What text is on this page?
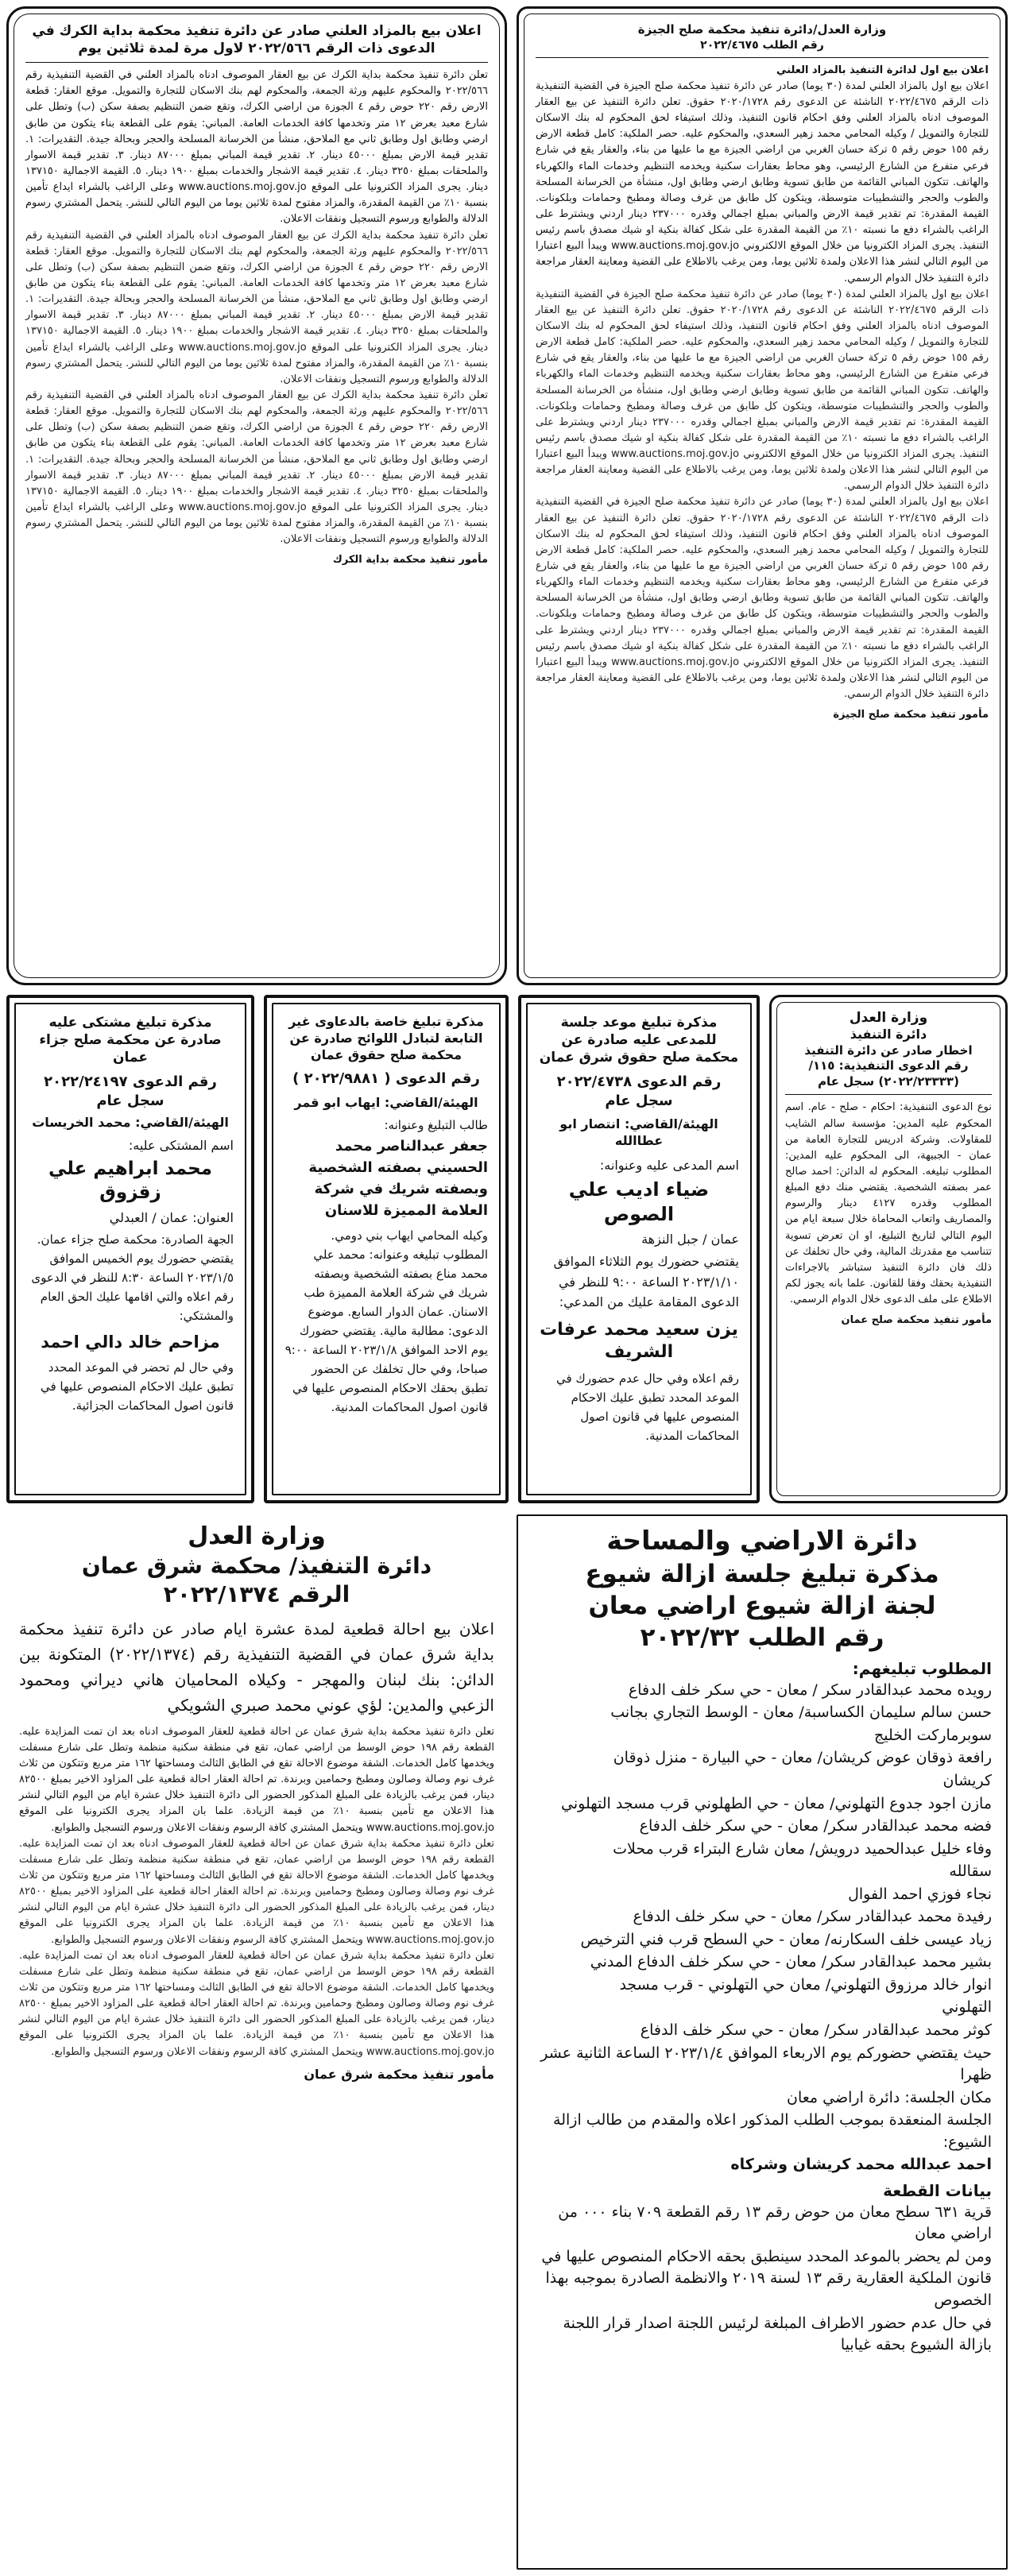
وزارة العدل/دائرة تنفيذ محكمة صلح الجيزة
رقم الطلب ٢٠٢٢/٤٦٧٥
اعلان بيع اول لدائرة التنفيذ بالمزاد العلني
اعلان بيع اول بالمزاد العلني لمدة (٣٠ يوما) صادر عن دائرة تنفيذ محكمة صلح الجيزة في القضية التنفيذية ذات الرقم ٢٠٢٢/٤٦٧٥ الناشئة عن الدعوى رقم ٢٠٢٠/١٧٢٨ حقوق. تعلن دائرة التنفيذ عن بيع العقار الموصوف ادناه بالمزاد العلني وفق احكام قانون التنفيذ، وذلك استيفاء لحق المحكوم له بنك الاسكان للتجارة والتمويل / وكيله المحامي محمد زهير السعدي، والمحكوم عليه. حصر الملكية: كامل قطعة الارض رقم ١٥٥ حوض رقم ٥ تركة حسان الغربي من اراضي الجيزة مع ما عليها من بناء، والعقار يقع في شارع فرعي متفرع من الشارع الرئيسي، وهو محاط بعقارات سكنية ويخدمه التنظيم وخدمات الماء والكهرباء والهاتف. تتكون المباني القائمة من طابق تسوية وطابق ارضي وطابق اول، منشأة من الخرسانة المسلحة والطوب والحجر والتشطيبات متوسطة، ويتكون كل طابق من غرف وصالة ومطبخ وحمامات وبلكونات. القيمة المقدرة: تم تقدير قيمة الارض والمباني بمبلغ اجمالي وقدره ٢٣٧٠٠٠ دينار اردني ويشترط على الراغب بالشراء دفع ما نسبته ١٠٪ من القيمة المقدرة على شكل كفالة بنكية او شيك مصدق باسم رئيس التنفيذ. يجرى المزاد الكترونيا من خلال الموقع الالكتروني www.auctions.moj.gov.jo ويبدأ البيع اعتبارا من اليوم التالي لنشر هذا الاعلان ولمدة ثلاثين يوما، ومن يرغب بالاطلاع على القضية ومعاينة العقار مراجعة دائرة التنفيذ خلال الدوام الرسمي.
اعلان بيع اول بالمزاد العلني لمدة (٣٠ يوما) صادر عن دائرة تنفيذ محكمة صلح الجيزة في القضية التنفيذية ذات الرقم ٢٠٢٢/٤٦٧٥ الناشئة عن الدعوى رقم ٢٠٢٠/١٧٢٨ حقوق. تعلن دائرة التنفيذ عن بيع العقار الموصوف ادناه بالمزاد العلني وفق احكام قانون التنفيذ، وذلك استيفاء لحق المحكوم له بنك الاسكان للتجارة والتمويل / وكيله المحامي محمد زهير السعدي، والمحكوم عليه. حصر الملكية: كامل قطعة الارض رقم ١٥٥ حوض رقم ٥ تركة حسان الغربي من اراضي الجيزة مع ما عليها من بناء، والعقار يقع في شارع فرعي متفرع من الشارع الرئيسي، وهو محاط بعقارات سكنية ويخدمه التنظيم وخدمات الماء والكهرباء والهاتف. تتكون المباني القائمة من طابق تسوية وطابق ارضي وطابق اول، منشأة من الخرسانة المسلحة والطوب والحجر والتشطيبات متوسطة، ويتكون كل طابق من غرف وصالة ومطبخ وحمامات وبلكونات. القيمة المقدرة: تم تقدير قيمة الارض والمباني بمبلغ اجمالي وقدره ٢٣٧٠٠٠ دينار اردني ويشترط على الراغب بالشراء دفع ما نسبته ١٠٪ من القيمة المقدرة على شكل كفالة بنكية او شيك مصدق باسم رئيس التنفيذ. يجرى المزاد الكترونيا من خلال الموقع الالكتروني www.auctions.moj.gov.jo ويبدأ البيع اعتبارا من اليوم التالي لنشر هذا الاعلان ولمدة ثلاثين يوما، ومن يرغب بالاطلاع على القضية ومعاينة العقار مراجعة دائرة التنفيذ خلال الدوام الرسمي.
اعلان بيع اول بالمزاد العلني لمدة (٣٠ يوما) صادر عن دائرة تنفيذ محكمة صلح الجيزة في القضية التنفيذية ذات الرقم ٢٠٢٢/٤٦٧٥ الناشئة عن الدعوى رقم ٢٠٢٠/١٧٢٨ حقوق. تعلن دائرة التنفيذ عن بيع العقار الموصوف ادناه بالمزاد العلني وفق احكام قانون التنفيذ، وذلك استيفاء لحق المحكوم له بنك الاسكان للتجارة والتمويل / وكيله المحامي محمد زهير السعدي، والمحكوم عليه. حصر الملكية: كامل قطعة الارض رقم ١٥٥ حوض رقم ٥ تركة حسان الغربي من اراضي الجيزة مع ما عليها من بناء، والعقار يقع في شارع فرعي متفرع من الشارع الرئيسي، وهو محاط بعقارات سكنية ويخدمه التنظيم وخدمات الماء والكهرباء والهاتف. تتكون المباني القائمة من طابق تسوية وطابق ارضي وطابق اول، منشأة من الخرسانة المسلحة والطوب والحجر والتشطيبات متوسطة، ويتكون كل طابق من غرف وصالة ومطبخ وحمامات وبلكونات. القيمة المقدرة: تم تقدير قيمة الارض والمباني بمبلغ اجمالي وقدره ٢٣٧٠٠٠ دينار اردني ويشترط على الراغب بالشراء دفع ما نسبته ١٠٪ من القيمة المقدرة على شكل كفالة بنكية او شيك مصدق باسم رئيس التنفيذ. يجرى المزاد الكترونيا من خلال الموقع الالكتروني www.auctions.moj.gov.jo ويبدأ البيع اعتبارا من اليوم التالي لنشر هذا الاعلان ولمدة ثلاثين يوما، ومن يرغب بالاطلاع على القضية ومعاينة العقار مراجعة دائرة التنفيذ خلال الدوام الرسمي.
مأمور تنفيذ محكمة صلح الجيزة
اعلان بيع بالمزاد العلني صادر عن دائرة تنفيذ محكمة بداية الكرك في الدعوى ذات الرقم ٢٠٢٢/٥٦٦ لاول مرة لمدة ثلاثين يوم
تعلن دائرة تنفيذ محكمة بداية الكرك عن بيع العقار الموصوف ادناه بالمزاد العلني في القضية التنفيذية رقم ٢٠٢٢/٥٦٦ والمحكوم عليهم ورثة الجمعة، والمحكوم لهم بنك الاسكان للتجارة والتمويل. موقع العقار: قطعة الارض رقم ٢٢٠ حوض رقم ٤ الجوزة من اراضي الكرك، وتقع ضمن التنظيم بصفة سكن (ب) وتطل على شارع معبد بعرض ١٢ متر وتخدمها كافة الخدمات العامة. المباني: يقوم على القطعة بناء يتكون من طابق ارضي وطابق اول وطابق ثاني مع الملاحق، منشأ من الخرسانة المسلحة والحجر وبحالة جيدة. التقديرات: ١. تقدير قيمة الارض بمبلغ ٤٥٠٠٠ دينار. ٢. تقدير قيمة المباني بمبلغ ٨٧٠٠٠ دينار. ٣. تقدير قيمة الاسوار والملحقات بمبلغ ٣٢٥٠ دينار. ٤. تقدير قيمة الاشجار والخدمات بمبلغ ١٩٠٠ دينار. ٥. القيمة الاجمالية ١٣٧١٥٠ دينار. يجرى المزاد الكترونيا على الموقع www.auctions.moj.gov.jo وعلى الراغب بالشراء ايداع تأمين بنسبة ١٠٪ من القيمة المقدرة، والمزاد مفتوح لمدة ثلاثين يوما من اليوم التالي للنشر. يتحمل المشتري رسوم الدلالة والطوابع ورسوم التسجيل ونفقات الاعلان.
تعلن دائرة تنفيذ محكمة بداية الكرك عن بيع العقار الموصوف ادناه بالمزاد العلني في القضية التنفيذية رقم ٢٠٢٢/٥٦٦ والمحكوم عليهم ورثة الجمعة، والمحكوم لهم بنك الاسكان للتجارة والتمويل. موقع العقار: قطعة الارض رقم ٢٢٠ حوض رقم ٤ الجوزة من اراضي الكرك، وتقع ضمن التنظيم بصفة سكن (ب) وتطل على شارع معبد بعرض ١٢ متر وتخدمها كافة الخدمات العامة. المباني: يقوم على القطعة بناء يتكون من طابق ارضي وطابق اول وطابق ثاني مع الملاحق، منشأ من الخرسانة المسلحة والحجر وبحالة جيدة. التقديرات: ١. تقدير قيمة الارض بمبلغ ٤٥٠٠٠ دينار. ٢. تقدير قيمة المباني بمبلغ ٨٧٠٠٠ دينار. ٣. تقدير قيمة الاسوار والملحقات بمبلغ ٣٢٥٠ دينار. ٤. تقدير قيمة الاشجار والخدمات بمبلغ ١٩٠٠ دينار. ٥. القيمة الاجمالية ١٣٧١٥٠ دينار. يجرى المزاد الكترونيا على الموقع www.auctions.moj.gov.jo وعلى الراغب بالشراء ايداع تأمين بنسبة ١٠٪ من القيمة المقدرة، والمزاد مفتوح لمدة ثلاثين يوما من اليوم التالي للنشر. يتحمل المشتري رسوم الدلالة والطوابع ورسوم التسجيل ونفقات الاعلان.
تعلن دائرة تنفيذ محكمة بداية الكرك عن بيع العقار الموصوف ادناه بالمزاد العلني في القضية التنفيذية رقم ٢٠٢٢/٥٦٦ والمحكوم عليهم ورثة الجمعة، والمحكوم لهم بنك الاسكان للتجارة والتمويل. موقع العقار: قطعة الارض رقم ٢٢٠ حوض رقم ٤ الجوزة من اراضي الكرك، وتقع ضمن التنظيم بصفة سكن (ب) وتطل على شارع معبد بعرض ١٢ متر وتخدمها كافة الخدمات العامة. المباني: يقوم على القطعة بناء يتكون من طابق ارضي وطابق اول وطابق ثاني مع الملاحق، منشأ من الخرسانة المسلحة والحجر وبحالة جيدة. التقديرات: ١. تقدير قيمة الارض بمبلغ ٤٥٠٠٠ دينار. ٢. تقدير قيمة المباني بمبلغ ٨٧٠٠٠ دينار. ٣. تقدير قيمة الاسوار والملحقات بمبلغ ٣٢٥٠ دينار. ٤. تقدير قيمة الاشجار والخدمات بمبلغ ١٩٠٠ دينار. ٥. القيمة الاجمالية ١٣٧١٥٠ دينار. يجرى المزاد الكترونيا على الموقع www.auctions.moj.gov.jo وعلى الراغب بالشراء ايداع تأمين بنسبة ١٠٪ من القيمة المقدرة، والمزاد مفتوح لمدة ثلاثين يوما من اليوم التالي للنشر. يتحمل المشتري رسوم الدلالة والطوابع ورسوم التسجيل ونفقات الاعلان.
مأمور تنفيذ محكمة بداية الكرك
وزارة العدل
دائرة التنفيذ
اخطار صادر عن دائرة التنفيذ
رقم الدعوى التنفيذية: ١١٥/ (٢٠٢٢/٢٣٣٣٣) سجل عام
نوع الدعوى التنفيذية: احكام - صلح - عام. اسم المحكوم عليه المدين: مؤسسة سالم الشايب للمقاولات. وشركة ادريس للتجارة العامة من عمان - الجبيهة، الى المحكوم عليه المدين: المطلوب تبليغه. المحكوم له الدائن: احمد صالح عمر بصفته الشخصية. يقتضي منك دفع المبلغ المطلوب وقدره ٤١٢٧ دينار والرسوم والمصاريف واتعاب المحاماة خلال سبعة ايام من اليوم التالي لتاريخ التبليغ، او ان تعرض تسوية تتناسب مع مقدرتك المالية، وفي حال تخلفك عن ذلك فان دائرة التنفيذ ستباشر بالاجراءات التنفيذية بحقك وفقا للقانون. علما بانه يجوز لكم الاطلاع على ملف الدعوى خلال الدوام الرسمي.
مأمور تنفيذ محكمة صلح عمان
مذكرة تبليغ موعد جلسة للمدعى عليه صادرة عن محكمة صلح حقوق شرق عمان
رقم الدعوى ٢٠٢٢/٤٧٣٨ سجل عام
الهيئة/القاضي: انتصار ابو عطاالله
اسم المدعى عليه وعنوانه:
ضياء اديب علي الصوص
عمان / جبل النزهة
يقتضي حضورك يوم الثلاثاء الموافق ٢٠٢٣/١/١٠ الساعة ٩:٠٠ للنظر في الدعوى المقامة عليك من المدعي:
يزن سعيد محمد عرفات الشريف
رقم اعلاه وفي حال عدم حضورك في الموعد المحدد تطبق عليك الاحكام المنصوص عليها في قانون اصول المحاكمات المدنية.
مذكرة تبليغ خاصة بالدعاوى غير التابعة لتبادل اللوائح صادرة عن محكمة صلح حقوق عمان
رقم الدعوى ( ٢٠٢٢/٩٨٨١ )
الهيئة/القاضي: ايهاب ابو قمر
طالب التبليغ وعنوانه:
جعفر عبدالناصر محمد الحسيني بصفته الشخصية وبصفته شريك في شركة العلامة المميزة للاسنان
وكيله المحامي ايهاب بني دومي. المطلوب تبليغه وعنوانه: محمد علي محمد مناع بصفته الشخصية وبصفته شريك في شركة العلامة المميزة طب الاسنان. عمان الدوار السابع. موضوع الدعوى: مطالبة مالية. يقتضي حضورك يوم الاحد الموافق ٢٠٢٣/١/٨ الساعة ٩:٠٠ صباحا، وفي حال تخلفك عن الحضور تطبق بحقك الاحكام المنصوص عليها في قانون اصول المحاكمات المدنية.
مذكرة تبليغ مشتكى عليه صادرة عن محكمة صلح جزاء عمان
رقم الدعوى ٢٠٢٢/٢٤١٩٧ سجل عام
الهيئة/القاضي: محمد الخريسات
اسم المشتكى عليه:
محمد ابراهيم علي زقزوق
العنوان: عمان / العبدلي
الجهة الصادرة: محكمة صلح جزاء عمان. يقتضي حضورك يوم الخميس الموافق ٢٠٢٣/١/٥ الساعة ٨:٣٠ للنظر في الدعوى رقم اعلاه والتي اقامها عليك الحق العام والمشتكي:
مزاحم خالد دالي احمد
وفي حال لم تحضر في الموعد المحدد تطبق عليك الاحكام المنصوص عليها في قانون اصول المحاكمات الجزائية.
وزارة العدل
دائرة التنفيذ/ محكمة شرق عمان
الرقم ٢٠٢٢/١٣٧٤
اعلان بيع احالة قطعية لمدة عشرة ايام صادر عن دائرة تنفيذ محكمة بداية شرق عمان في القضية التنفيذية رقم (٢٠٢٢/١٣٧٤) المتكونة بين الدائن: بنك لبنان والمهجر - وكيلاه المحاميان هاني ديراني ومحمود الزعبي والمدين: لؤي عوني محمد صبري الشويكي
تعلن دائرة تنفيذ محكمة بداية شرق عمان عن احالة قطعية للعقار الموصوف ادناه بعد ان تمت المزايدة عليه. القطعة رقم ١٩٨ حوض الوسط من اراضي عمان، تقع في منطقة سكنية منظمة وتطل على شارع مسفلت ويخدمها كامل الخدمات. الشقة موضوع الاحالة تقع في الطابق الثالث ومساحتها ١٦٢ متر مربع وتتكون من ثلاث غرف نوم وصالة وصالون ومطبخ وحمامين وبرندة. تم احالة العقار احالة قطعية على المزاود الاخير بمبلغ ٨٢٥٠٠ دينار، فمن يرغب بالزيادة على المبلغ المذكور الحضور الى دائرة التنفيذ خلال عشرة ايام من اليوم التالي لنشر هذا الاعلان مع تأمين بنسبة ١٠٪ من قيمة الزيادة. علما بان المزاد يجرى الكترونيا على الموقع www.auctions.moj.gov.jo ويتحمل المشتري كافة الرسوم ونفقات الاعلان ورسوم التسجيل والطوابع.
تعلن دائرة تنفيذ محكمة بداية شرق عمان عن احالة قطعية للعقار الموصوف ادناه بعد ان تمت المزايدة عليه. القطعة رقم ١٩٨ حوض الوسط من اراضي عمان، تقع في منطقة سكنية منظمة وتطل على شارع مسفلت ويخدمها كامل الخدمات. الشقة موضوع الاحالة تقع في الطابق الثالث ومساحتها ١٦٢ متر مربع وتتكون من ثلاث غرف نوم وصالة وصالون ومطبخ وحمامين وبرندة. تم احالة العقار احالة قطعية على المزاود الاخير بمبلغ ٨٢٥٠٠ دينار، فمن يرغب بالزيادة على المبلغ المذكور الحضور الى دائرة التنفيذ خلال عشرة ايام من اليوم التالي لنشر هذا الاعلان مع تأمين بنسبة ١٠٪ من قيمة الزيادة. علما بان المزاد يجرى الكترونيا على الموقع www.auctions.moj.gov.jo ويتحمل المشتري كافة الرسوم ونفقات الاعلان ورسوم التسجيل والطوابع.
تعلن دائرة تنفيذ محكمة بداية شرق عمان عن احالة قطعية للعقار الموصوف ادناه بعد ان تمت المزايدة عليه. القطعة رقم ١٩٨ حوض الوسط من اراضي عمان، تقع في منطقة سكنية منظمة وتطل على شارع مسفلت ويخدمها كامل الخدمات. الشقة موضوع الاحالة تقع في الطابق الثالث ومساحتها ١٦٢ متر مربع وتتكون من ثلاث غرف نوم وصالة وصالون ومطبخ وحمامين وبرندة. تم احالة العقار احالة قطعية على المزاود الاخير بمبلغ ٨٢٥٠٠ دينار، فمن يرغب بالزيادة على المبلغ المذكور الحضور الى دائرة التنفيذ خلال عشرة ايام من اليوم التالي لنشر هذا الاعلان مع تأمين بنسبة ١٠٪ من قيمة الزيادة. علما بان المزاد يجرى الكترونيا على الموقع www.auctions.moj.gov.jo ويتحمل المشتري كافة الرسوم ونفقات الاعلان ورسوم التسجيل والطوابع.
مأمور تنفيذ محكمة شرق عمان
دائرة الاراضي والمساحة
مذكرة تبليغ جلسة ازالة شيوع
لجنة ازالة شيوع اراضي معان
رقم الطلب ٢٠٢٢/٣٢
المطلوب تبليغهم:
رويده محمد عبدالقادر سكر / معان - حي سكر خلف الدفاع
حسن سالم سليمان الكساسبة/ معان - الوسط التجاري بجانب
سوبرماركت الخليج
رافعة ذوقان عوض كريشان/ معان - حي البيارة - منزل ذوقان
كريشان
مازن اجود جدوع التهلوني/ معان - حي الطهلوني قرب مسجد التهلوني
فضه محمد عبدالقادر سكر/ معان - حي سكر خلف الدفاع
وفاء خليل عبدالحميد درويش/ معان شارع البتراء قرب محلات
سقالله
نجاء فوزي احمد الفوال
رفيدة محمد عبدالقادر سكر/ معان - حي سكر خلف الدفاع
زياد عيسى خلف السكارنه/ معان - حي السطح قرب فني الترخيص
بشير محمد عبدالقادر سكر/ معان - حي سكر خلف الدفاع المدني
انوار خالد مرزوق التهلوني/ معان حي التهلوني - قرب مسجد
التهلوني
كوثر محمد عبدالقادر سكر/ معان - حي سكر خلف الدفاع
حيث يقتضي حضوركم يوم الاربعاء الموافق ٢٠٢٣/١/٤ الساعة الثانية عشر ظهرا
مكان الجلسة: دائرة اراضي معان
الجلسة المنعقدة بموجب الطلب المذكور اعلاه والمقدم من طالب ازالة الشيوع:
احمد عبدالله محمد كريشان وشركاه
بيانات القطعة
قرية ٦٣١ سطح معان من حوض رقم ١٣ رقم القطعة ٧٠٩ بناء ٠٠٠ من اراضي معان
ومن لم يحضر بالموعد المحدد سينطبق بحقه الاحكام المنصوص عليها في قانون الملكية العقارية رقم ١٣ لسنة ٢٠١٩ والانظمة الصادرة بموجبه بهذا الخصوص
في حال عدم حضور الاطراف المبلغة لرئيس اللجنة اصدار قرار اللجنة بازالة الشيوع بحقه غيابيا
